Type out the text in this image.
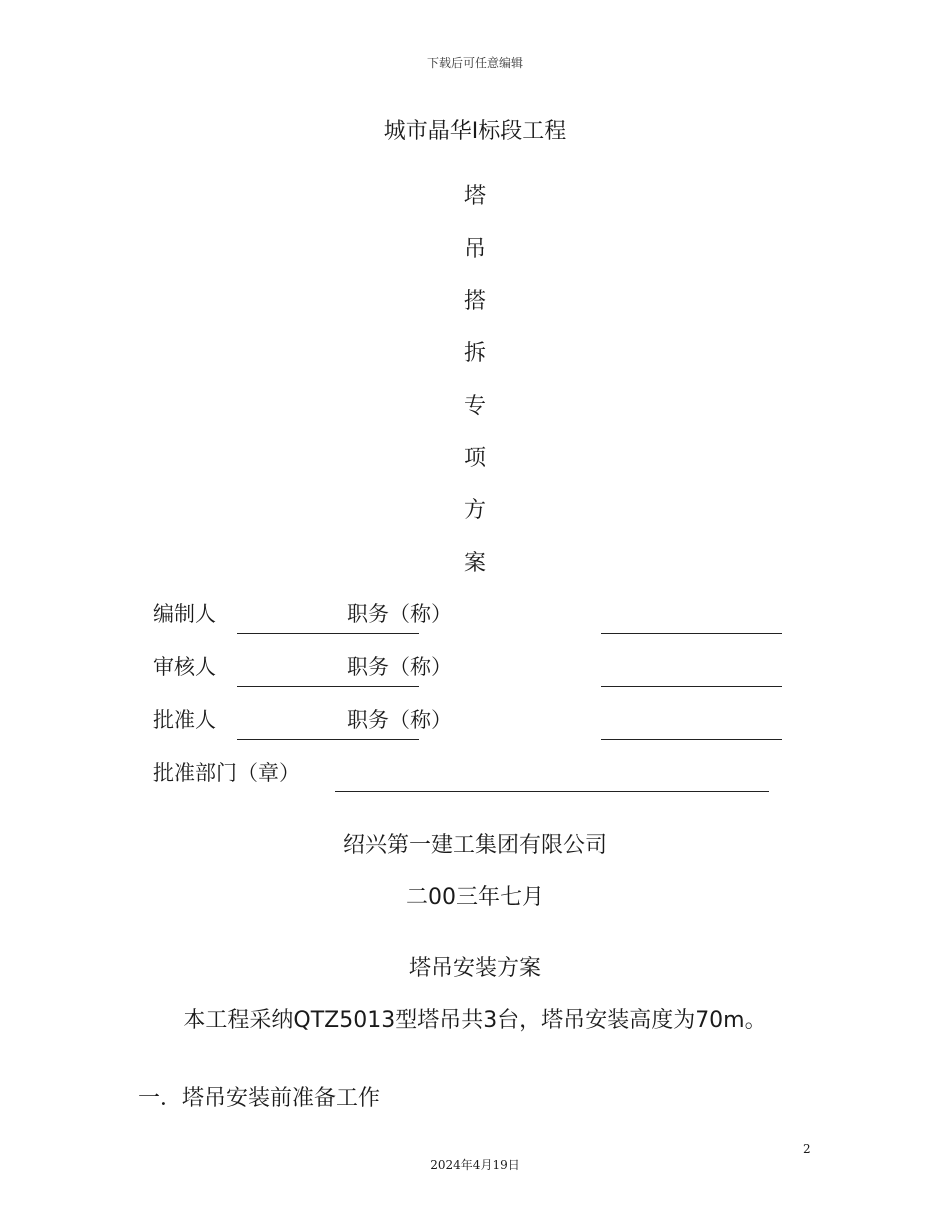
下载后可任意编辑
城市晶华Ⅰ标段工程
塔
吊
搭
拆
专
项
方
案
编制人	职务（称）
审核人	职务（称）
批准人	职务（称）
批准部门（章）
绍兴第一建工集团有限公司
二00三年七月
塔吊安装方案
本工程采纳QTZ5013型塔吊共3台，塔吊安装高度为70m。
一．塔吊安装前准备工作
2
2024年4月19日
